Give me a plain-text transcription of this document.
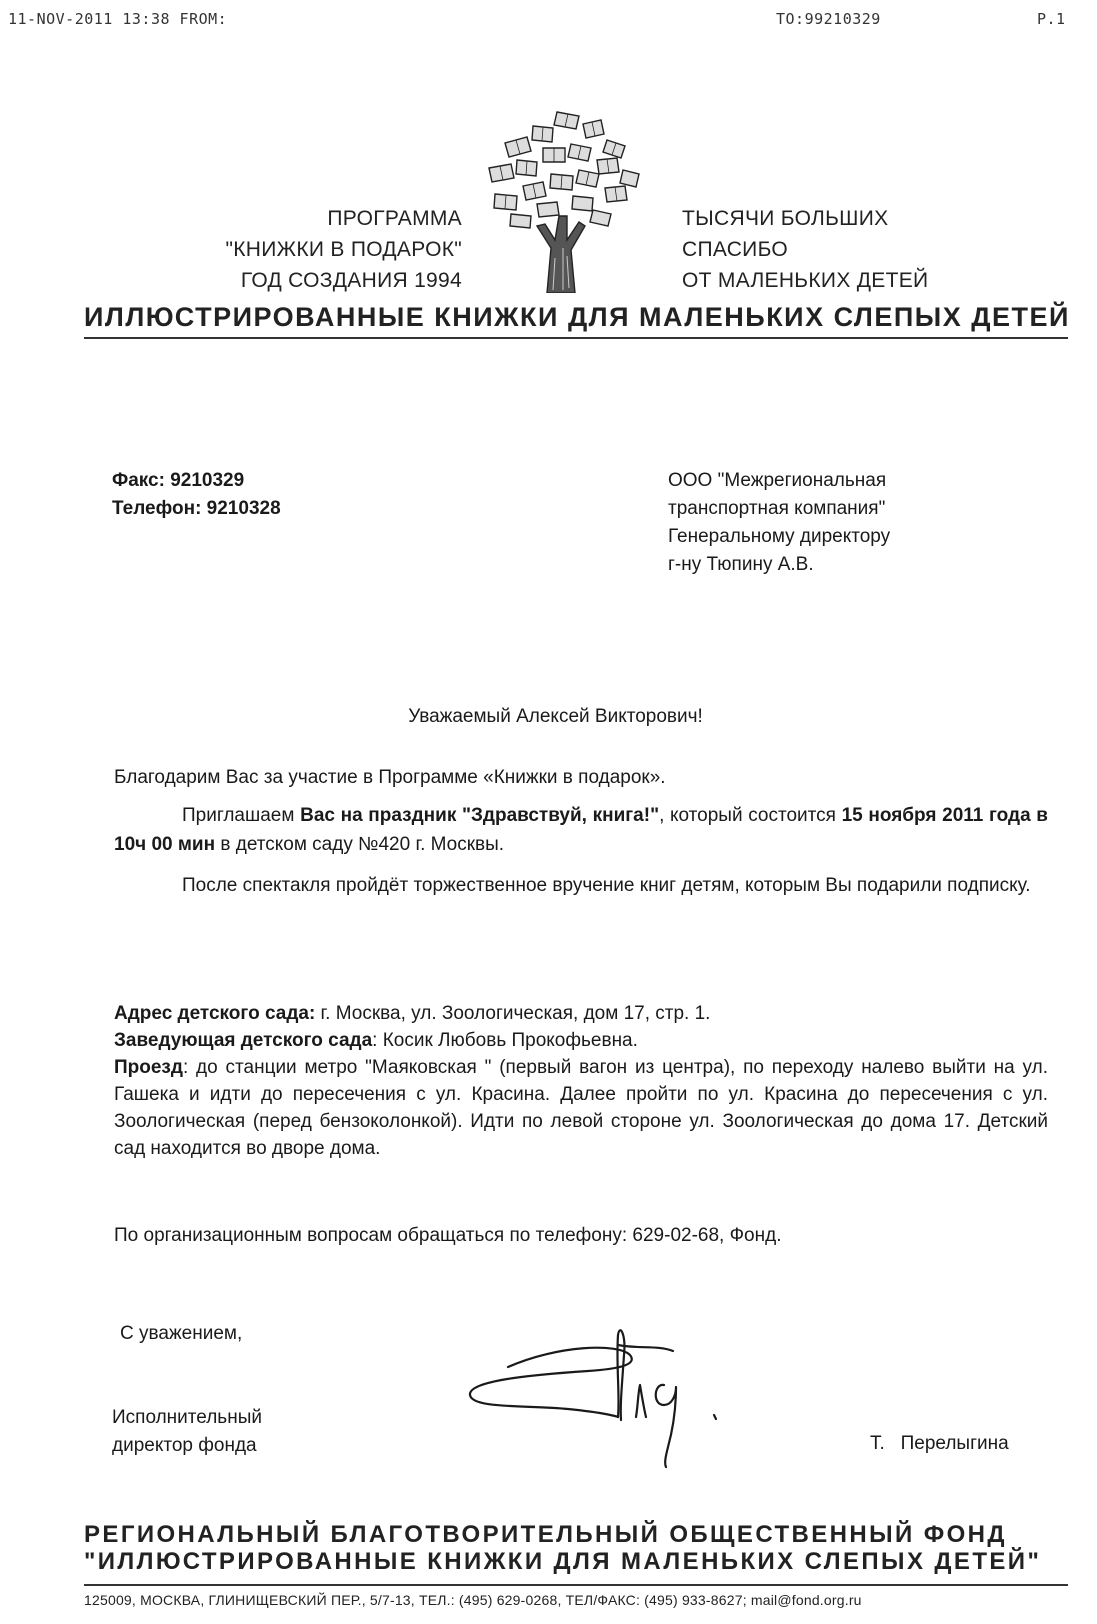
11-NOV-2011 13:38 FROM:	TO:99210329	P.1
ПРОГРАММА
"КНИЖКИ В ПОДАРОК"
ГОД СОЗДАНИЯ 1994
ТЫСЯЧИ БОЛЬШИХ
СПАСИБО
ОТ МАЛЕНЬКИХ ДЕТЕЙ
ИЛЛЮСТРИРОВАННЫЕ КНИЖКИ ДЛЯ МАЛЕНЬКИХ СЛЕПЫХ ДЕТЕЙ
Факс: 9210329
Телефон: 9210328
ООО "Межрегиональная
транспортная компания"
Генеральному директору
г-ну Тюпину А.В.
Уважаемый Алексей Викторович!
Благодарим Вас за участие в Программе «Книжки в подарок».
Приглашаем Вас на праздник "Здравствуй, книга!", который состоится 15 ноября 2011 года в 10ч 00 мин в детском саду №420 г. Москвы.
После спектакля пройдёт торжественное вручение книг детям, которым Вы подарили подписку.
Адрес детского сада: г. Москва, ул. Зоологическая, дом 17, стр. 1.
Заведующая детского сада: Косик Любовь Прокофьевна.
Проезд: до станции метро "Маяковская " (первый вагон из центра), по переходу налево выйти на ул. Гашека и идти до пересечения с ул. Красина. Далее пройти по ул. Красина до пересечения с ул. Зоологическая (перед бензоколонкой). Идти по левой стороне ул. Зоологическая до дома 17. Детский сад находится во дворе дома.
По организационным вопросам обращаться по телефону: 629-02-68, Фонд.
С уважением,
Исполнительный
директор фонда	Т.   Перелыгина
РЕГИОНАЛЬНЫЙ БЛАГОТВОРИТЕЛЬНЫЙ ОБЩЕСТВЕННЫЙ ФОНД
"ИЛЛЮСТРИРОВАННЫЕ КНИЖКИ ДЛЯ МАЛЕНЬКИХ СЛЕПЫХ ДЕТЕЙ"
125009, МОСКВА, ГЛИНИЩЕВСКИЙ ПЕР., 5/7-13, ТЕЛ.: (495) 629-0268, ТЕЛ/ФАКС: (495) 933-8627; mail@fond.org.ru
